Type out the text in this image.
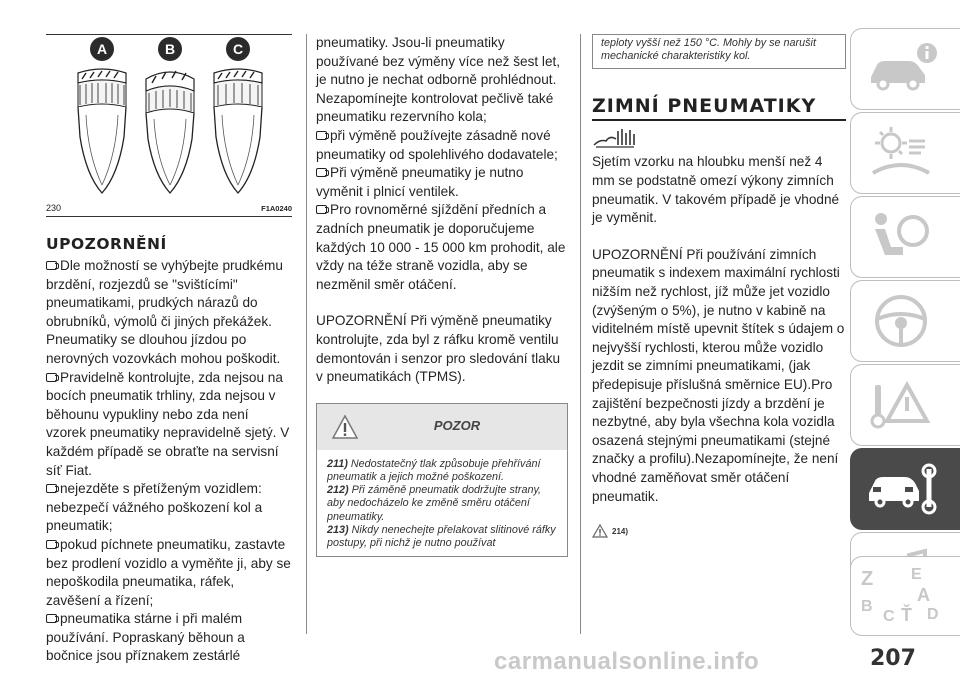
A	B	C
230	F1A0240
UPOZORNĚNÍ
Dle možností se vyhýbejte prudkému brzdění, rozjezdů se "svištícími" pneumatikami, prudkých nárazů do obrubníků, výmolů či jiných překážek. Pneumatiky se dlouhou jízdou po nerovných vozovkách mohou poškodit.
Pravidelně kontrolujte, zda nejsou na bocích pneumatik trhliny, zda nejsou v běhounu vypukliny nebo zda není vzorek pneumatiky nepravidelně sjetý. V každém případě se obraťte na servisní síť Fiat.
nejezděte s přetíženým vozidlem: nebezpečí vážného poškození kol a pneumatik;
pokud píchnete pneumatiku, zastavte bez prodlení vozidlo a vyměňte ji, aby se nepoškodila pneumatika, ráfek, zavěšení a řízení;
pneumatika stárne i při malém používání. Popraskaný běhoun a bočnice jsou příznakem zestárlé
pneumatiky. Jsou-li pneumatiky používané bez výměny více než šest let, je nutno je nechat odborně prohlédnout.
Nezapomínejte kontrolovat pečlivě také pneumatiku rezervního kola;
při výměně používejte zásadně nové pneumatiky od spolehlivého dodavatele;
Při výměně pneumatiky je nutno vyměnit i plnicí ventilek.
Pro rovnoměrné sjíždění předních a zadních pneumatik je doporučujeme každých 10 000 - 15 000 km prohodit, ale vždy na téže straně vozidla, aby se nezměnil směr otáčení.
UPOZORNĚNÍ Při výměně pneumatiky kontrolujte, zda byl z ráfku kromě ventilu demontován i senzor pro sledování tlaku v pneumatikách (TPMS).
POZOR
211) Nedostatečný tlak způsobuje přehřívání pneumatik a jejich možné poškození.
212) Při záměně pneumatik dodržujte strany, aby nedocházelo ke změně směru otáčení pneumatiky.
213) Nikdy nenechejte přelakovat slitinové ráfky postupy, při nichž je nutno používat
teploty vyšší než 150 °C. Mohly by se narušit mechanické charakteristiky kol.
ZIMNÍ PNEUMATIKY
Sjetím vzorku na hloubku menší než 4 mm se podstatně omezí výkony zimních pneumatik. V takovém případě je vhodné je vyměnit.
UPOZORNĚNÍ Při používání zimních pneumatik s indexem maximální rychlosti nižším než rychlost, jíž může jet vozidlo (zvýšeným o 5%), je nutno v kabině na viditelném místě upevnit štítek s údajem o nejvyšší rychlosti, kterou může vozidlo jezdit se zimními pneumatikami, (jak předepisuje příslušná směrnice EU).Pro zajištění bezpečnosti jízdy a brzdění je nezbytné, aby byla všechna kola vozidla osazená stejnými pneumatikami (stejné značky a profilu).Nezapomínejte, že není vhodné zaměňovat směr otáčení pneumatik.
214)
Z E
A
B
C D
Ť
carmanualsonline.info	207
